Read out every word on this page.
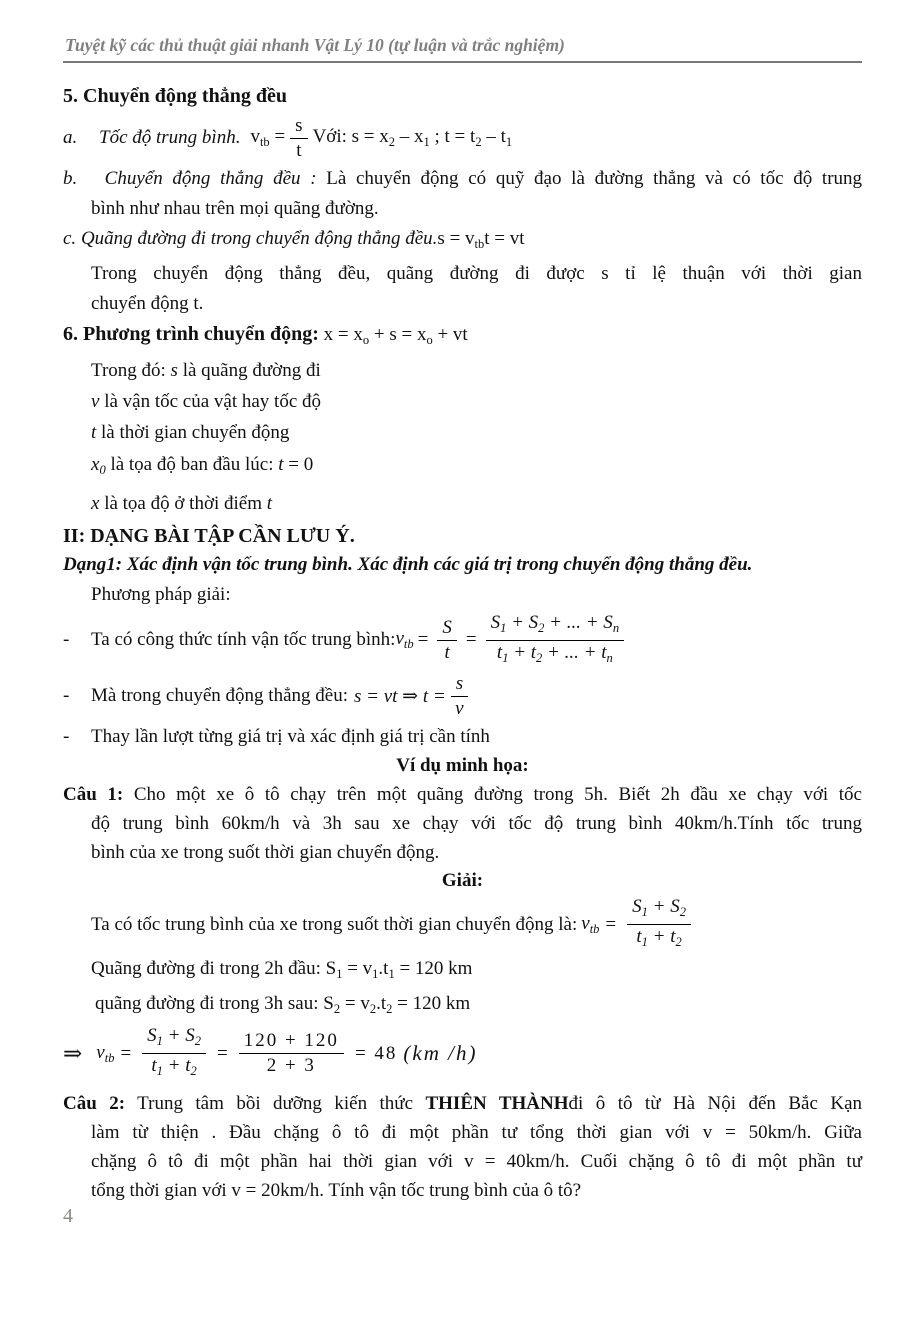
Tuyệt kỹ các thủ thuật giải nhanh Vật Lý 10 (tự luận và trắc nghiệm)
5. Chuyển động thẳng đều
a.	Tốc độ trung bình. $v_{tb} = \frac{s}{t}$ Với: $s = x_2 - x_1$ ; $t = t_2 - t_1$
b. Chuyển động thẳng đều : Là chuyển động có quỹ đạo là đường thẳng và có tốc độ trung
bình như nhau trên mọi quãng đường.
c. Quãng đường đi trong chuyển động thẳng đều.s = $v_{tb}t$ = vt
Trong chuyển động thẳng đều, quãng đường đi được s tỉ lệ thuận với thời gian
chuyển động t.
6. Phương trình chuyển động: $x = x_o + s = x_o$ + vt
Trong đó: s là quãng đường đi
v là vận tốc của vật hay tốc độ
t là thời gian chuyển động
$x_0$ là tọa độ ban đầu lúc: t = 0
x là tọa độ ở thời điểm t
II: DẠNG BÀI TẬP CẦN LƯU Ý.
Dạng1: Xác định vận tốc trung bình. Xác định các giá trị trong chuyển động thẳng đều.
Phương pháp giải:
-	Ta có công thức tính vận tốc trung bình: $v_{tb} = \frac{S}{t} = \frac{S_1 + S_2 + ... + S_n}{t_1 + t_2 + ... + t_n}$
-	Mà trong chuyển động thẳng đều: s = vt ⇒ $t = \frac{s}{v}$
- Thay lần lượt từng giá trị và xác định giá trị cần tính
Ví dụ minh họa:
Câu 1: Cho một xe ô tô chạy trên một quãng đường trong 5h. Biết 2h đầu xe chạy với tốc
độ trung bình 60km/h và 3h sau xe chạy với tốc độ trung bình 40km/h.Tính tốc trung
bình của xe trong suốt thời gian chuyển động.
Giải:
Ta có tốc trung bình của xe trong suốt thời gian chuyển động là: $v_{tb} = \frac{S_1 + S_2}{t_1 + t_2}$
Quãng đường đi trong 2h đầu: $S_1 = v_1.t_1 = 120$ km
quãng đường đi trong 3h sau: $S_2 = v_2.t_2 = 120$ km
⇒ $v_{tb} = \frac{S_1 + S_2}{t_1 + t_2} = \frac{120 + 120}{2 + 3} = 48$ (km /h)
Câu 2: Trung tâm bồi dưỡng kiến thức THIÊN THÀNHđi ô tô từ Hà Nội đến Bắc Kạn
làm từ thiện . Đầu chặng ô tô đi một phần tư tổng thời gian với v = 50km/h. Giữa
chặng ô tô đi một phần hai thời gian với v = 40km/h. Cuối chặng ô tô đi một phần tư
tổng thời gian với v = 20km/h. Tính vận tốc trung bình của ô tô?
4
